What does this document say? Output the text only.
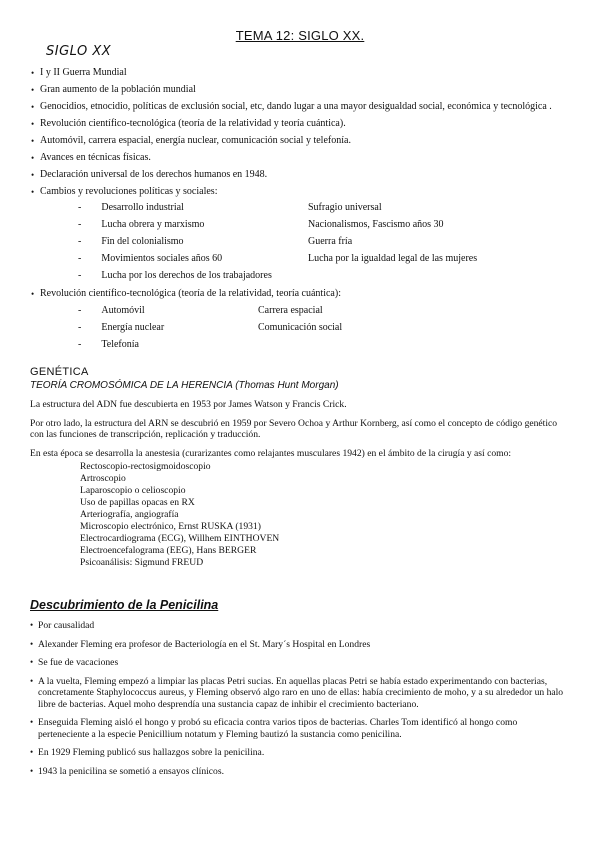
TEMA 12: SIGLO XX.
SIGLO XX
• I y II Guerra Mundial
• Gran aumento de la población mundial
• Genocidios, etnocidio, políticas de exclusión social, etc, dando lugar a una mayor desigualdad social, económica y tecnológica .
• Revolución científico-tecnológica (teoría de la relatividad y teoría cuántica).
• Automóvil, carrera espacial, energía nuclear, comunicación social y telefonía.
• Avances en técnicas físicas.
• Declaración universal de los derechos humanos en 1948.
• Cambios y revoluciones políticas y sociales:
- Desarrollo industrial	Sufragio universal
- Lucha obrera y marxismo	Nacionalismos, Fascismo años 30
- Fin del colonialismo	Guerra fría
- Movimientos sociales años 60	Lucha por la igualdad legal de las mujeres
- Lucha por los derechos de los trabajadores
• Revolución científico-tecnológica (teoría de la relatividad, teoría cuántica):
- Automóvil	Carrera espacial
- Energía nuclear	Comunicación social
- Telefonía
GENÉTICA
TEORÍA CROMOSÓMICA DE LA HERENCIA (Thomas Hunt Morgan)

La estructura del ADN fue descubierta en 1953 por James Watson y Francis Crick.

Por otro lado, la estructura del ARN se descubrió en 1959 por Severo Ochoa y Arthur Kornberg, así como el concepto de código genético con las funciones de transcripción, replicación y traducción.

En esta época se desarrolla la anestesia (curarizantes como relajantes musculares 1942) en el ámbito de la cirugía y así como:

Rectoscopio-rectosigmoidoscopio
Artroscopio
Laparoscopio o celioscopio
Uso de papillas opacas en RX
Arteriografía, angiografía
Microscopio electrónico, Ernst RUSKA (1931)
Electrocardiograma (ECG), Willhem EINTHOVEN
Electroencefalograma (EEG), Hans BERGER
Psicoanálisis: Sigmund FREUD
Descubrimiento de la Penicilina
• Por causalidad
• Alexander Fleming era profesor de Bacteriología en el St. Mary´s Hospital en Londres
• Se fue de vacaciones
• A la vuelta, Fleming empezó a limpiar las placas Petri sucias. En aquellas placas Petri se había estado experimentando con bacterias, concretamente Staphylococcus aureus, y Fleming observó algo raro en uno de ellas: había crecimiento de moho, y a su alrededor un halo libre de bacterias. Aquel moho desprendía una sustancia capaz de inhibir el crecimiento bacteriano.
• Enseguida Fleming aisló el hongo y probó su eficacia contra varios tipos de bacterias. Charles Tom identificó al hongo como perteneciente a la especie Penicillium notatum y Fleming bautizó la sustancia como penicilina.
• En 1929 Fleming publicó sus hallazgos sobre la penicilina.
• 1943 la penicilina se sometió a ensayos clínicos.
